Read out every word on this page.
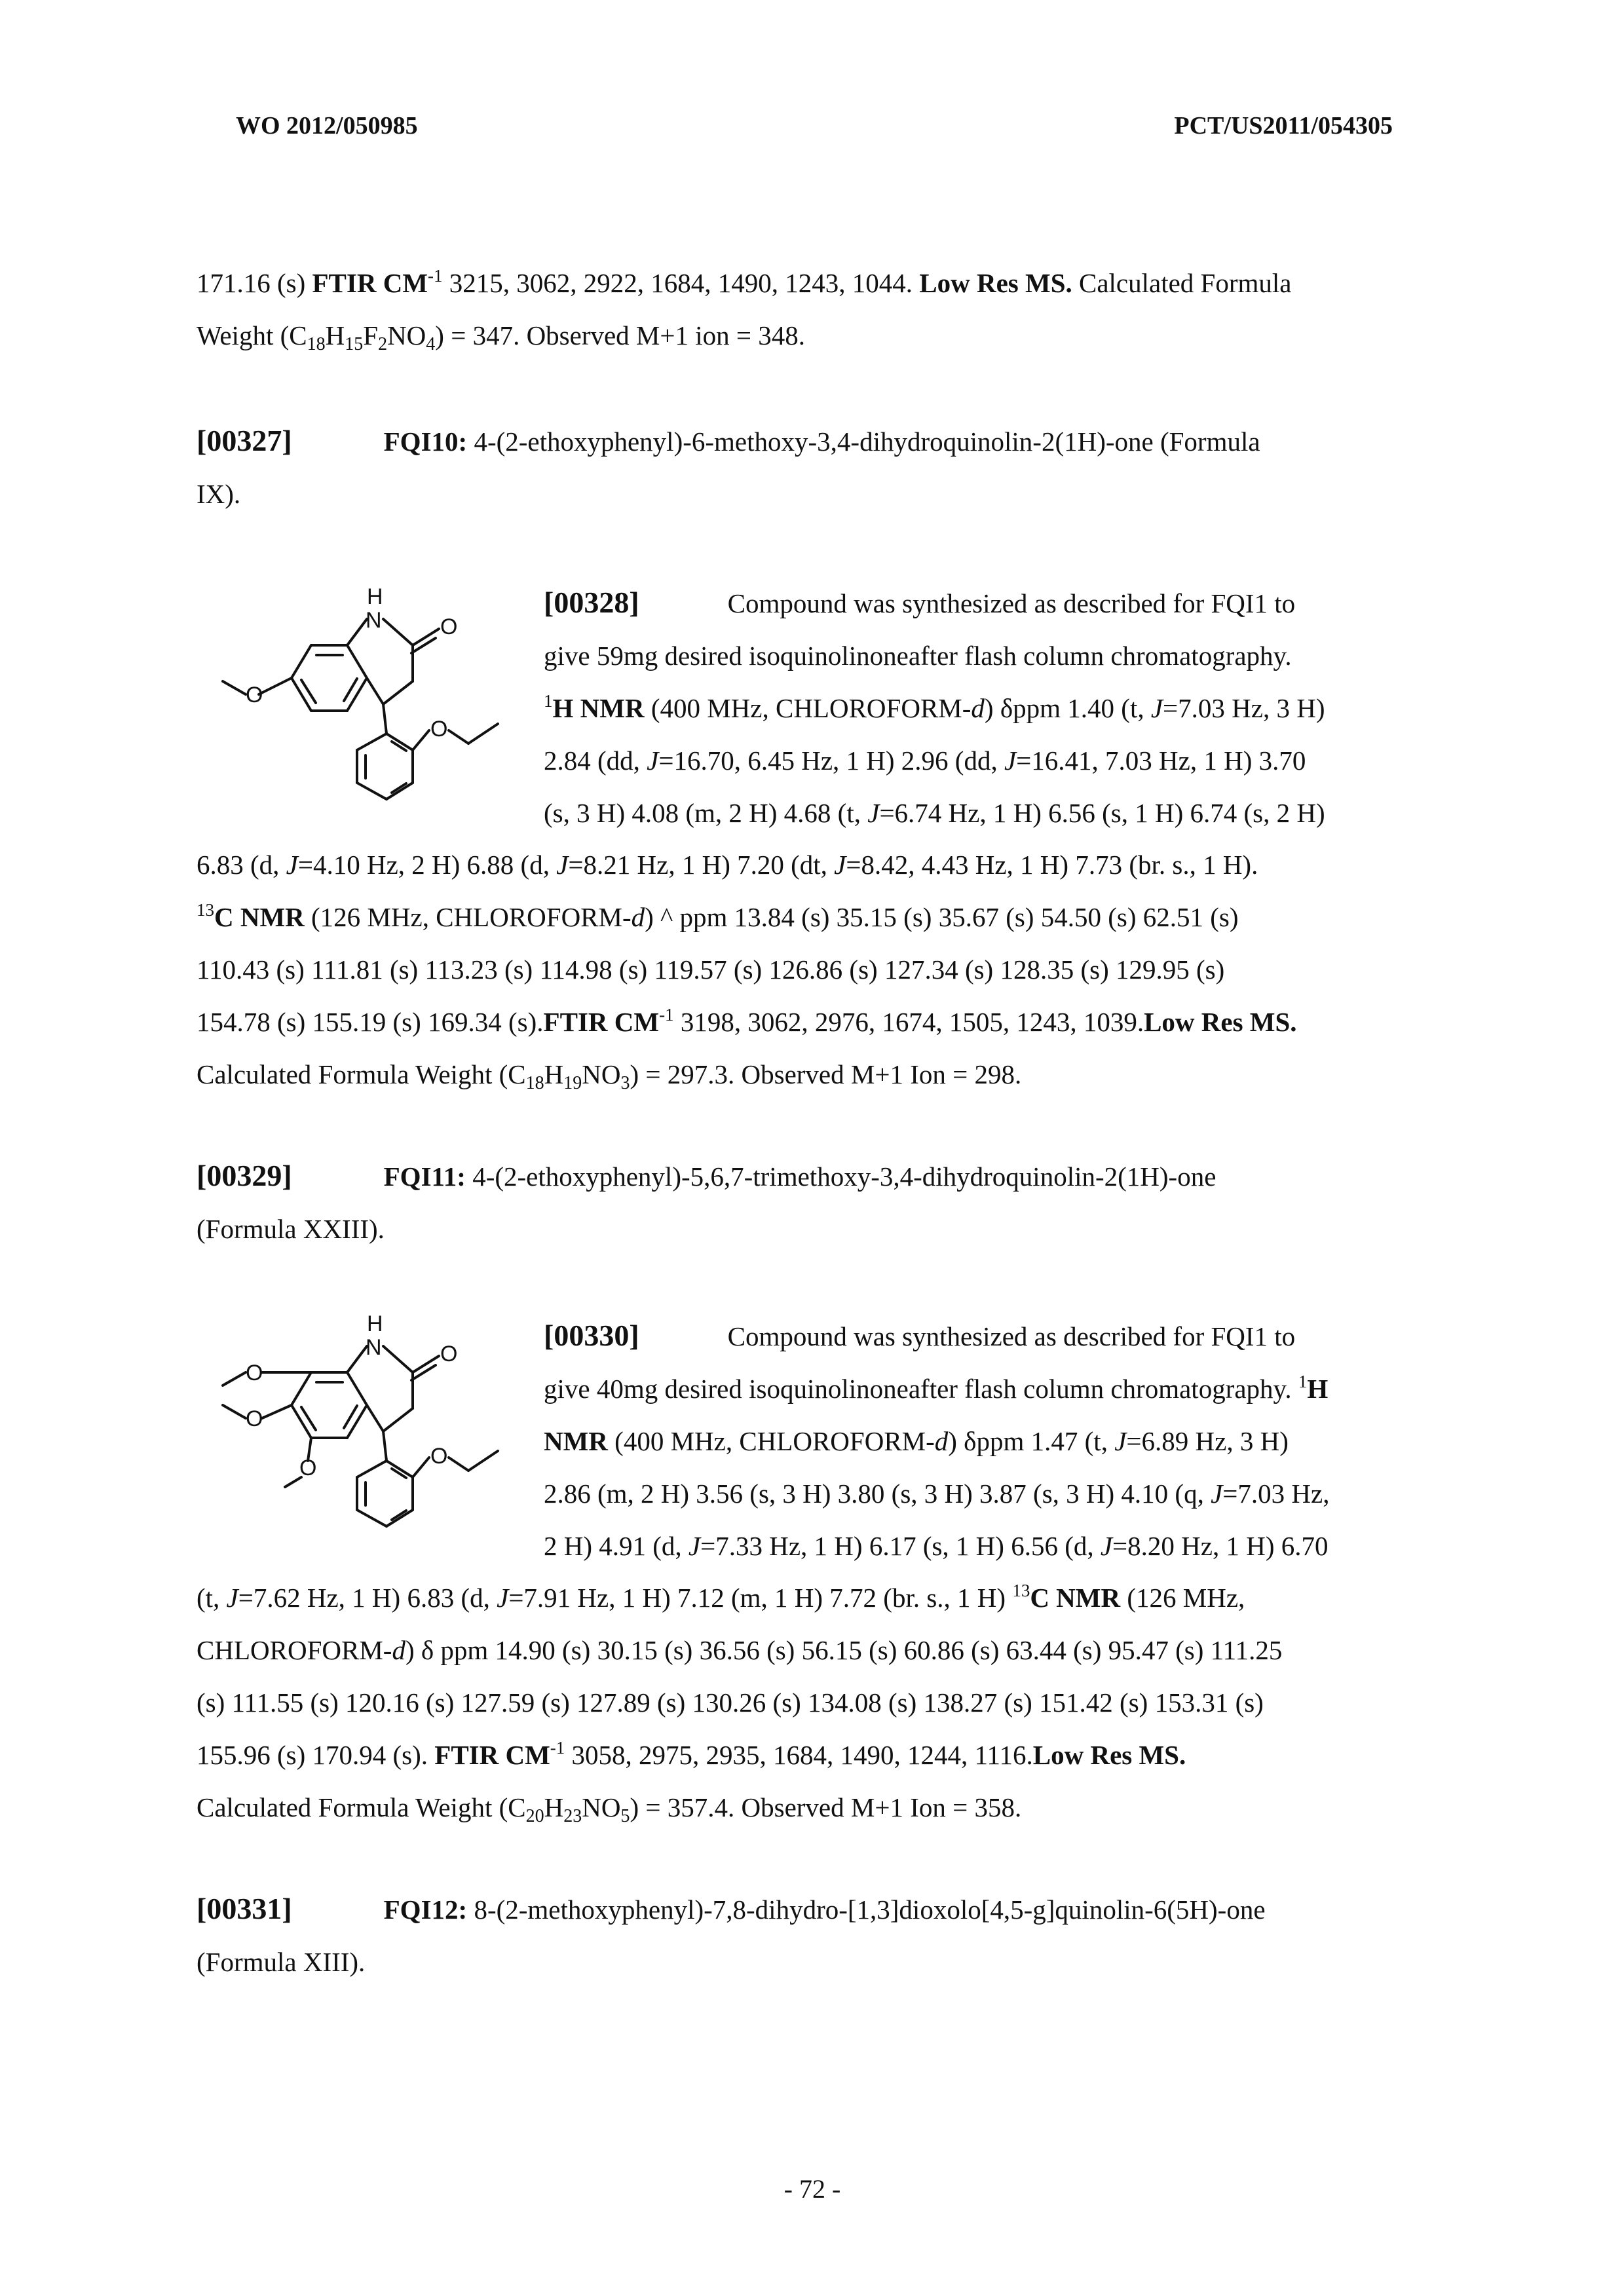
WO 2012/050985	PCT/US2011/054305
171.16 (s) FTIR $CM^{-1}$ 3215, 3062, 2922, 1684, 1490, 1243, 1044. Low Res MS. Calculated Formula
Weight $(C_{18}H_{15}F_2NO_4) = 347$. Observed M+1 ion = 348.
[00327]	FQI10: 4-(2-ethoxyphenyl)-6-methoxy-3,4-dihydroquinolin-2(1H)-one (Formula
IX).
H
N	O
O
O
[00328]	Compound was synthesized as described for FQI1 to
give 59mg desired isoquinolinoneafter flash column chromatography.
$^1$H NMR (400 MHz, CHLOROFORM-d) δppm 1.40 (t, J=7.03 Hz, 3 H)
2.84 (dd, J=16.70, 6.45 Hz, 1 H) 2.96 (dd, J=16.41, 7.03 Hz, 1 H) 3.70
(s, 3 H) 4.08 (m, 2 H) 4.68 (t, J=6.74 Hz, 1 H) 6.56 (s, 1 H) 6.74 (s, 2 H)
6.83 (d, J=4.10 Hz, 2 H) 6.88 (d, J=8.21 Hz, 1 H) 7.20 (dt, J=8.42, 4.43 Hz, 1 H) 7.73 (br. s., 1 H).
$^{13}$C NMR (126 MHz, CHLOROFORM-d) ^ ppm 13.84 (s) 35.15 (s) 35.67 (s) 54.50 (s) 62.51 (s)
110.43 (s) 111.81 (s) 113.23 (s) 114.98 (s) 119.57 (s) 126.86 (s) 127.34 (s) 128.35 (s) 129.95 (s)
154.78 (s) 155.19 (s) 169.34 (s).FTIR $CM^{-1}$ 3198, 3062, 2976, 1674, 1505, 1243, 1039.Low Res MS.
Calculated Formula Weight $(C_{18}H_{19}NO_3) = 297.3$. Observed M+1 Ion = 298.
[00329]	FQI11: 4-(2-ethoxyphenyl)-5,6,7-trimethoxy-3,4-dihydroquinolin-2(1H)-one
(Formula XXIII).
H
N	O
O
O
O	O
[00330]	Compound was synthesized as described for FQI1 to
give 40mg desired isoquinolinoneafter flash column chromatography. $^1$H
NMR (400 MHz, CHLOROFORM-d) δppm 1.47 (t, J=6.89 Hz, 3 H)
2.86 (m, 2 H) 3.56 (s, 3 H) 3.80 (s, 3 H) 3.87 (s, 3 H) 4.10 (q, J=7.03 Hz,
2 H) 4.91 (d, J=7.33 Hz, 1 H) 6.17 (s, 1 H) 6.56 (d, J=8.20 Hz, 1 H) 6.70
(t, J=7.62 Hz, 1 H) 6.83 (d, J=7.91 Hz, 1 H) 7.12 (m, 1 H) 7.72 (br. s., 1 H) $^{13}$C NMR (126 MHz,
CHLOROFORM-d) δ ppm 14.90 (s) 30.15 (s) 36.56 (s) 56.15 (s) 60.86 (s) 63.44 (s) 95.47 (s) 111.25
(s) 111.55 (s) 120.16 (s) 127.59 (s) 127.89 (s) 130.26 (s) 134.08 (s) 138.27 (s) 151.42 (s) 153.31 (s)
155.96 (s) 170.94 (s). FTIR $CM^{-1}$ 3058, 2975, 2935, 1684, 1490, 1244, 1116.Low Res MS.
Calculated Formula Weight $(C_{20}H_{23}NO_5) = 357.4$. Observed M+1 Ion = 358.
[00331]	FQI12: 8-(2-methoxyphenyl)-7,8-dihydro-[1,3]dioxolo[4,5-g]quinolin-6(5H)-one
(Formula XIII).
- 72 -
